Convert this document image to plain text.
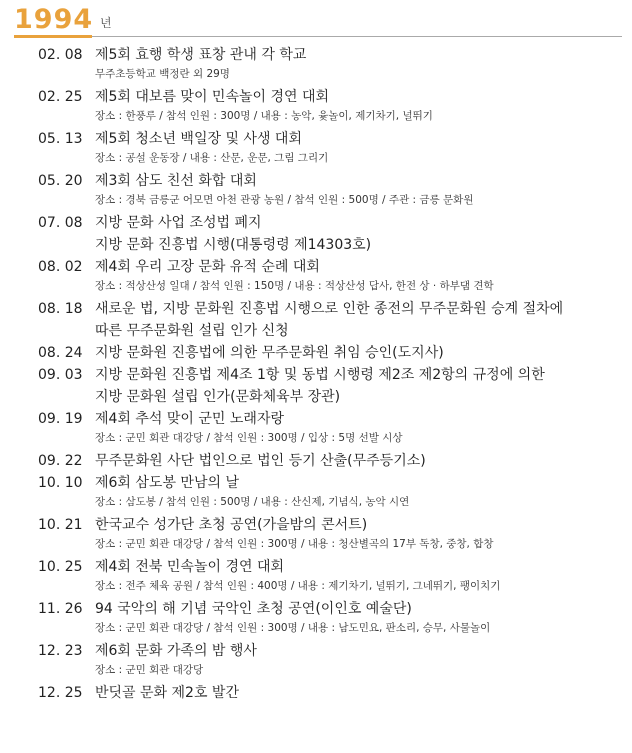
1994 년
02. 08 제5회 효행 학생 표창 관내 각 학교
무주초등학교 백정란 외 29명
02. 25 제5회 대보름 맞이 민속놀이 경연 대회
장소 : 한풍루 / 참석 인원 : 300명 / 내용 : 농악, 윷놀이, 제기차기, 널뛰기
05. 13 제5회 청소년 백일장 및 사생 대회
장소 : 공설 운동장 / 내용 : 산문, 운문, 그림 그리기
05. 20 제3회 삼도 친선 화합 대회
장소 : 경북 금릉군 어모면 아천 관광 농원 / 참석 인원 : 500명 / 주관 : 금릉 문화원
07. 08 지방 문화 사업 조성법 폐지
지방 문화 진흥법 시행(대통령령 제14303호)
08. 02 제4회 우리 고장 문화 유적 순례 대회
장소 : 적상산성 일대 / 참석 인원 : 150명 / 내용 : 적상산성 답사, 한전 상 · 하부댐 견학
08. 18 새로운 법, 지방 문화원 진흥법 시행으로 인한 종전의 무주문화원 승계 절차에
따른 무주문화원 설립 인가 신청
08. 24 지방 문화원 진흥법에 의한 무주문화원 취임 승인(도지사)
09. 03 지방 문화원 진흥법 제4조 1항 및 동법 시행령 제2조 제2항의 규정에 의한
지방 문화원 설립 인가(문화체육부 장관)
09. 19 제4회 추석 맞이 군민 노래자랑
장소 : 군민 회관 대강당 / 참석 인원 : 300명 / 입상 : 5명 선발 시상
09. 22 무주문화원 사단 법인으로 법인 등기 산출(무주등기소)
10. 10 제6회 삼도봉 만남의 날
장소 : 삼도봉 / 참석 인원 : 500명 / 내용 : 산신제, 기념식, 농악 시연
10. 21 한국교수 성가단 초청 공연(가을밤의 콘서트)
장소 : 군민 회관 대강당 / 참석 인원 : 300명 / 내용 : 청산별곡의 17부 독창, 중창, 합창
10. 25 제4회 전북 민속놀이 경연 대회
장소 : 전주 체육 공원 / 참석 인원 : 400명 / 내용 : 제기차기, 널뛰기, 그네뛰기, 팽이치기
11. 26 94 국악의 해 기념 국악인 초청 공연(이인호 예술단)
장소 : 군민 회관 대강당 / 참석 인원 : 300명 / 내용 : 남도민요, 판소리, 승무, 사물놀이
12. 23 제6회 문화 가족의 밤 행사
장소 : 군민 회관 대강당
12. 25 반딧골 문화 제2호 발간
